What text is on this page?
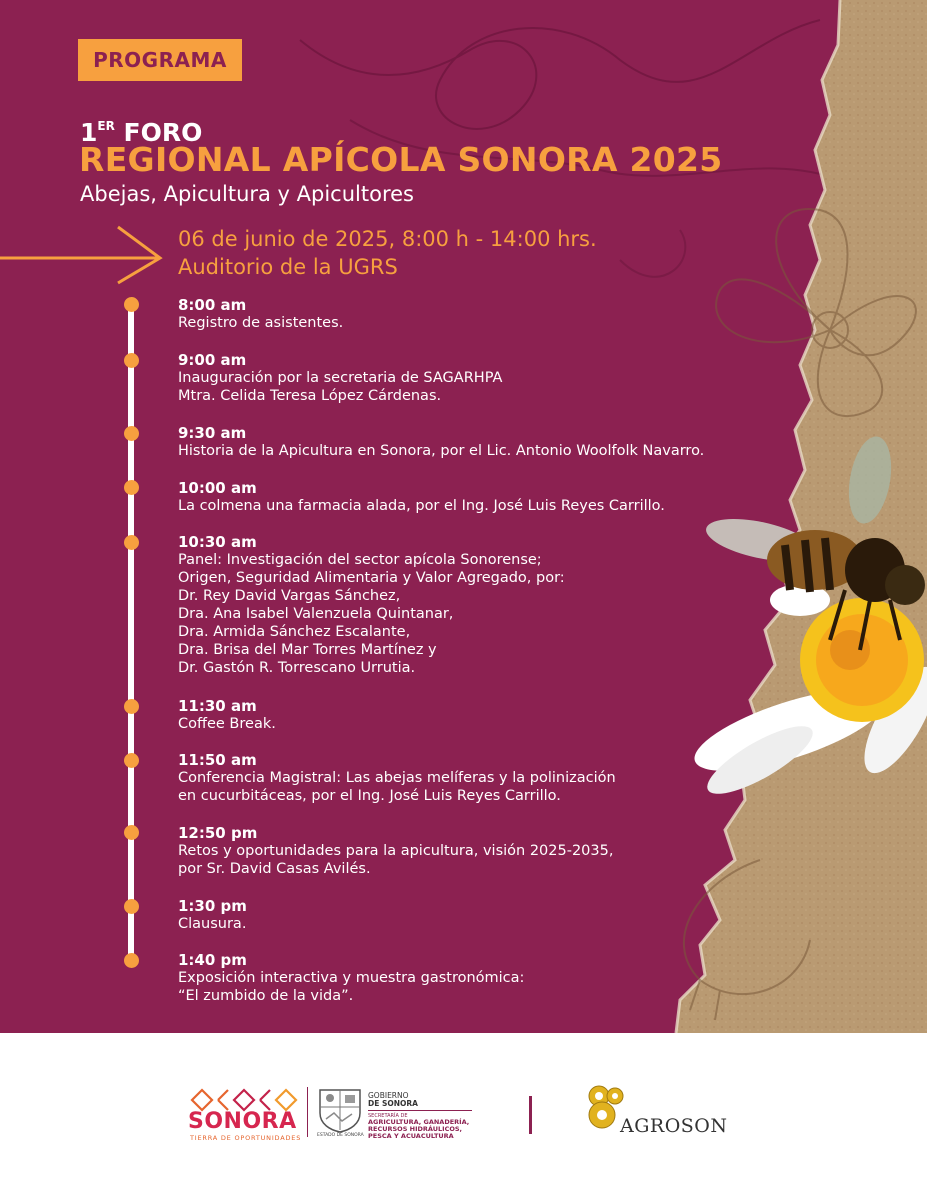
PROGRAMA
1ER FORO
REGIONAL APÍCOLA SONORA 2025
Abejas, Apicultura y Apicultores
06 de junio de 2025, 8:00 h - 14:00 hrs.
Auditorio de la UGRS
8:00 am
Registro de asistentes.
9:00 am
Inauguración por la secretaria de SAGARHPA
Mtra. Celida Teresa López Cárdenas.
9:30 am
Historia de la Apicultura en Sonora, por el Lic. Antonio Woolfolk Navarro.
10:00 am
La colmena una farmacia alada, por el Ing. José Luis Reyes Carrillo.
10:30 am
Panel: Investigación del sector apícola Sonorense;
Origen, Seguridad Alimentaria y Valor Agregado, por:
Dr. Rey David Vargas Sánchez,
Dra. Ana Isabel Valenzuela Quintanar,
Dra. Armida Sánchez Escalante,
Dra. Brisa del Mar Torres Martínez y
Dr. Gastón R. Torrescano Urrutia.
11:30 am
Coffee Break.
11:50 am
Conferencia Magistral: Las abejas melíferas y la polinización
en cucurbitáceas, por el Ing. José Luis Reyes Carrillo.
12:50 pm
Retos y oportunidades para la apicultura, visión 2025-2035,
por Sr. David Casas Avilés.
1:30 pm
Clausura.
1:40 pm
Exposición interactiva y muestra gastronómica:
“El zumbido de la vida”.
SONORA
TIERRA DE OPORTUNIDADES	ESTADO DE SONORA
GOBIERNO
DE SONORA
SECRETARÍA DE
AGRICULTURA, GANADERÍA,
RECURSOS HIDRÁULICOS,
PESCA Y ACUACULTURA	AGROSON
